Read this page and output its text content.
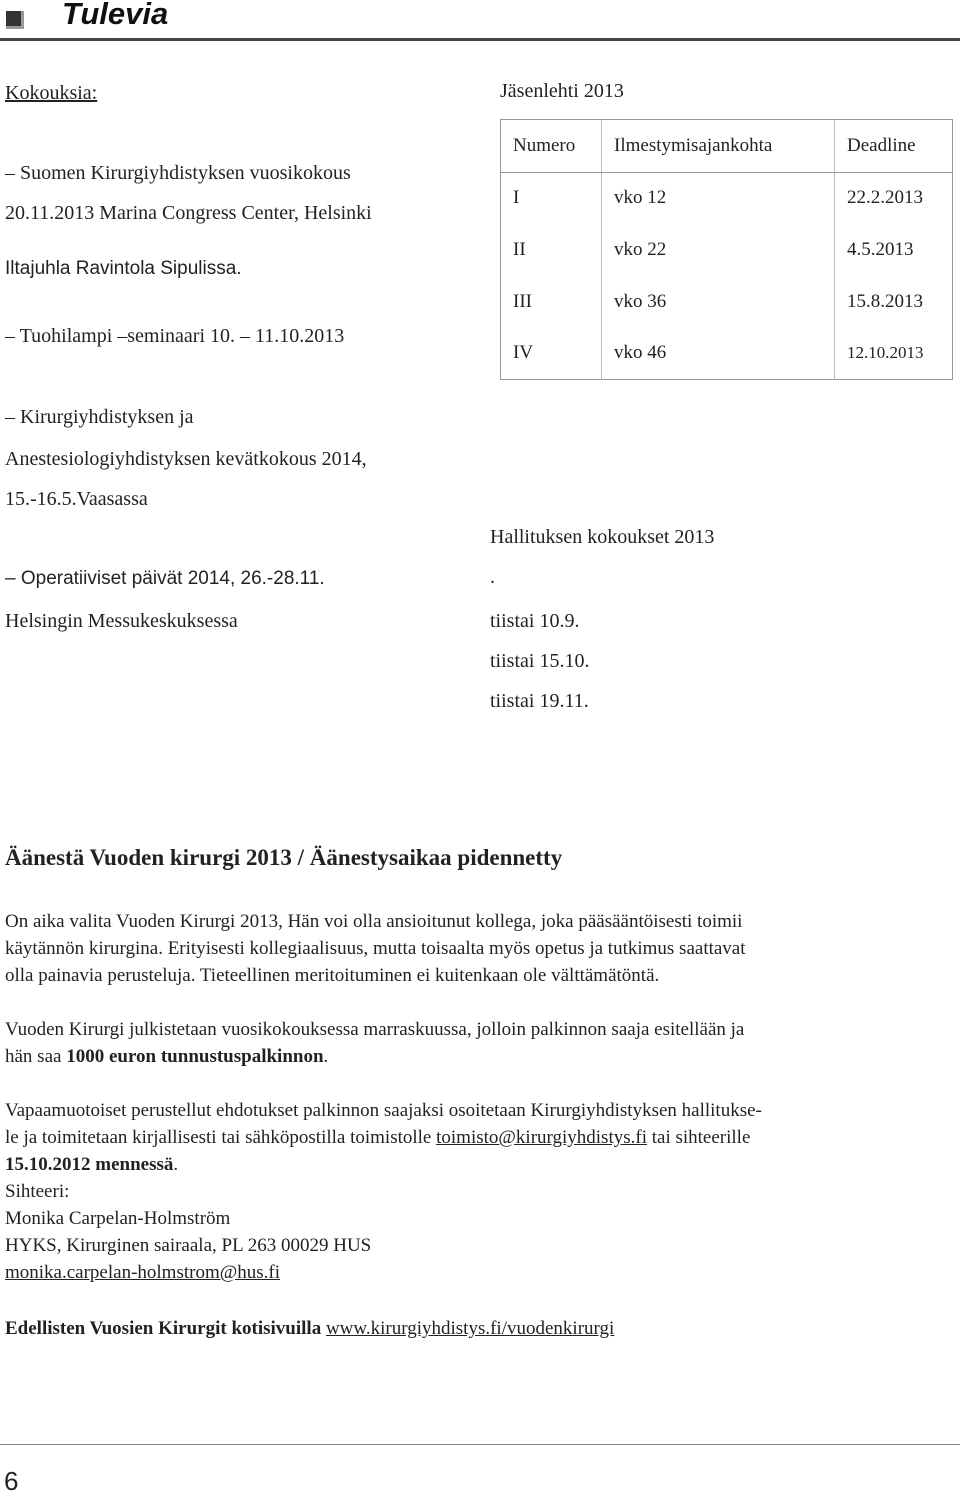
Tulevia
Kokouksia:
– Suomen Kirurgiyhdistyksen vuosikokous
20.11.2013 Marina Congress Center, Helsinki
Iltajuhla Ravintola Sipulissa.
– Tuohilampi –seminaari 10. – 11.10.2013
– Kirurgiyhdistyksen ja
Anestesiologiyhdistyksen kevätkokous 2014,
15.-16.5.Vaasassa
– Operatiiviset päivät 2014, 26.-28.11.
Helsingin Messukeskuksessa
Jäsenlehti 2013
Numero	Ilmestymisajankohta	Deadline
I	vko 12	22.2.2013
II	vko 22	4.5.2013
III	vko 36	15.8.2013
IV	vko 46	12.10.2013
Hallituksen kokoukset 2013
.
tiistai 10.9.
tiistai 15.10.
tiistai 19.11.
Äänestä Vuoden kirurgi 2013 / Äänestysaikaa pidennetty
On aika valita Vuoden Kirurgi 2013, Hän voi olla ansioitunut kollega, joka pääsääntöisesti toimii
käytännön kirurgina. Erityisesti kollegiaalisuus, mutta toisaalta myös opetus ja tutkimus saattavat
olla painavia perusteluja. Tieteellinen meritoituminen ei kuitenkaan ole välttämätöntä.
Vuoden Kirurgi julkistetaan vuosikokouksessa marraskuussa, jolloin palkinnon saaja esitellään ja
hän saa 1000 euron tunnustuspalkinnon.
Vapaamuotoiset perustellut ehdotukset palkinnon saajaksi osoitetaan Kirurgiyhdistyksen hallitukse-
le ja toimitetaan kirjallisesti tai sähköpostilla toimistolle toimisto@kirurgiyhdistys.fi tai sihteerille
15.10.2012 mennessä.
Sihteeri:
Monika Carpelan-Holmström
HYKS, Kirurginen sairaala, PL 263 00029 HUS
monika.carpelan-holmstrom@hus.fi
Edellisten Vuosien Kirurgit kotisivuilla www.kirurgiyhdistys.fi/vuodenkirurgi
6
